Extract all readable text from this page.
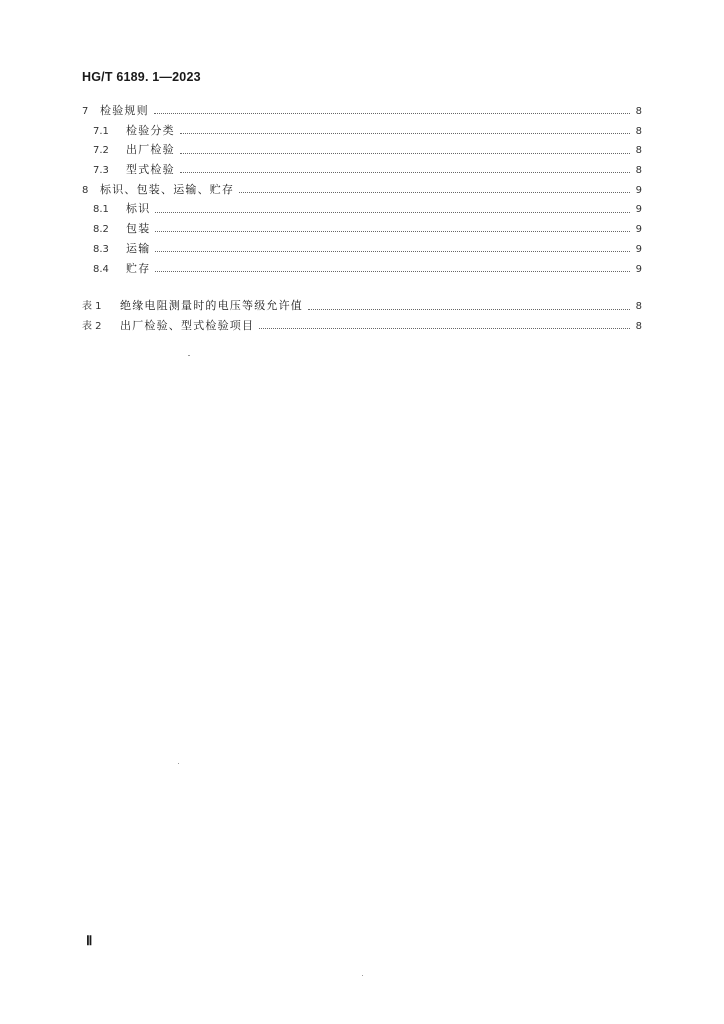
HG/T 6189. 1—2023
7	检验规则	8
7.1	检验分类	8
7.2	出厂检验	8
7.3	型式检验	8
8	标识、包装、运输、贮存	9
8.1	标识	9
8.2	包装	9
8.3	运输	9
8.4	贮存	9
表 1	绝缘电阻测量时的电压等级允许值	8
表 2	出厂检验、型式检验项目	8
Ⅱ
